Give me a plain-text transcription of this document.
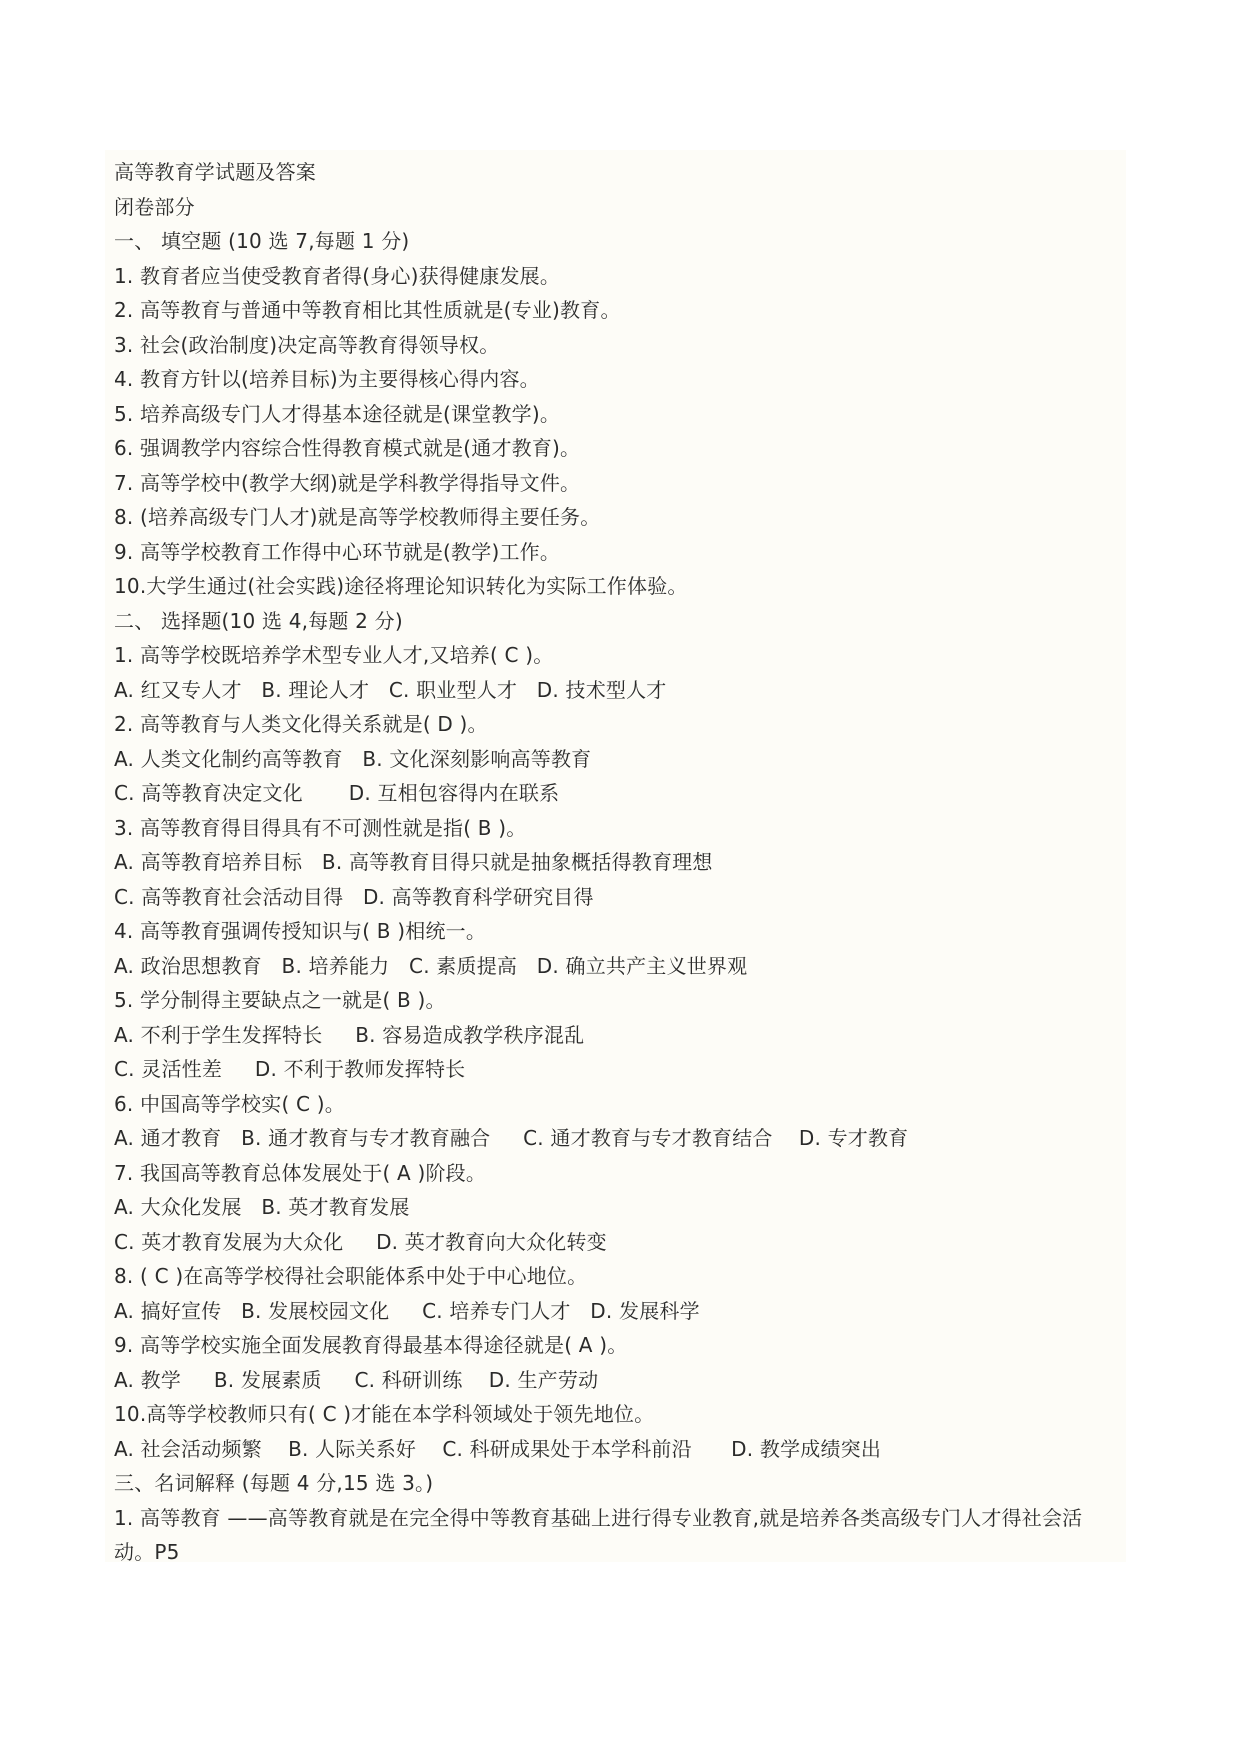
高等教育学试题及答案
闭卷部分
一、 填空题 (10 选 7,每题 1 分)
1. 教育者应当使受教育者得(身心)获得健康发展。
2. 高等教育与普通中等教育相比其性质就是(专业)教育。
3. 社会(政治制度)决定高等教育得领导权。
4. 教育方针以(培养目标)为主要得核心得内容。
5. 培养高级专门人才得基本途径就是(课堂教学)。
6. 强调教学内容综合性得教育模式就是(通才教育)。
7. 高等学校中(教学大纲)就是学科教学得指导文件。
8. (培养高级专门人才)就是高等学校教师得主要任务。
9. 高等学校教育工作得中心环节就是(教学)工作。
10.大学生通过(社会实践)途径将理论知识转化为实际工作体验。
二、 选择题(10 选 4,每题 2 分)
1. 高等学校既培养学术型专业人才,又培养( C )。
A. 红又专人才   B. 理论人才   C. 职业型人才   D. 技术型人才
2. 高等教育与人类文化得关系就是( D )。
A. 人类文化制约高等教育   B. 文化深刻影响高等教育
C. 高等教育决定文化       D. 互相包容得内在联系
3. 高等教育得目得具有不可测性就是指( B )。
A. 高等教育培养目标   B. 高等教育目得只就是抽象概括得教育理想
C. 高等教育社会活动目得   D. 高等教育科学研究目得
4. 高等教育强调传授知识与( B )相统一。
A. 政治思想教育   B. 培养能力   C. 素质提高   D. 确立共产主义世界观
5. 学分制得主要缺点之一就是( B )。
A. 不利于学生发挥特长     B. 容易造成教学秩序混乱
C. 灵活性差     D. 不利于教师发挥特长
6. 中国高等学校实( C )。
A. 通才教育   B. 通才教育与专才教育融合     C. 通才教育与专才教育结合    D. 专才教育
7. 我国高等教育总体发展处于( A )阶段。
A. 大众化发展   B. 英才教育发展
C. 英才教育发展为大众化     D. 英才教育向大众化转变
8. ( C )在高等学校得社会职能体系中处于中心地位。
A. 搞好宣传   B. 发展校园文化     C. 培养专门人才   D. 发展科学
9. 高等学校实施全面发展教育得最基本得途径就是( A )。
A. 教学     B. 发展素质     C. 科研训练    D. 生产劳动
10.高等学校教师只有( C )才能在本学科领域处于领先地位。
A. 社会活动频繁    B. 人际关系好    C. 科研成果处于本学科前沿      D. 教学成绩突出
三、名词解释 (每题 4 分,15 选 3。)
1. 高等教育 ——高等教育就是在完全得中等教育基础上进行得专业教育,就是培养各类高级专门人才得社会活动。P5
